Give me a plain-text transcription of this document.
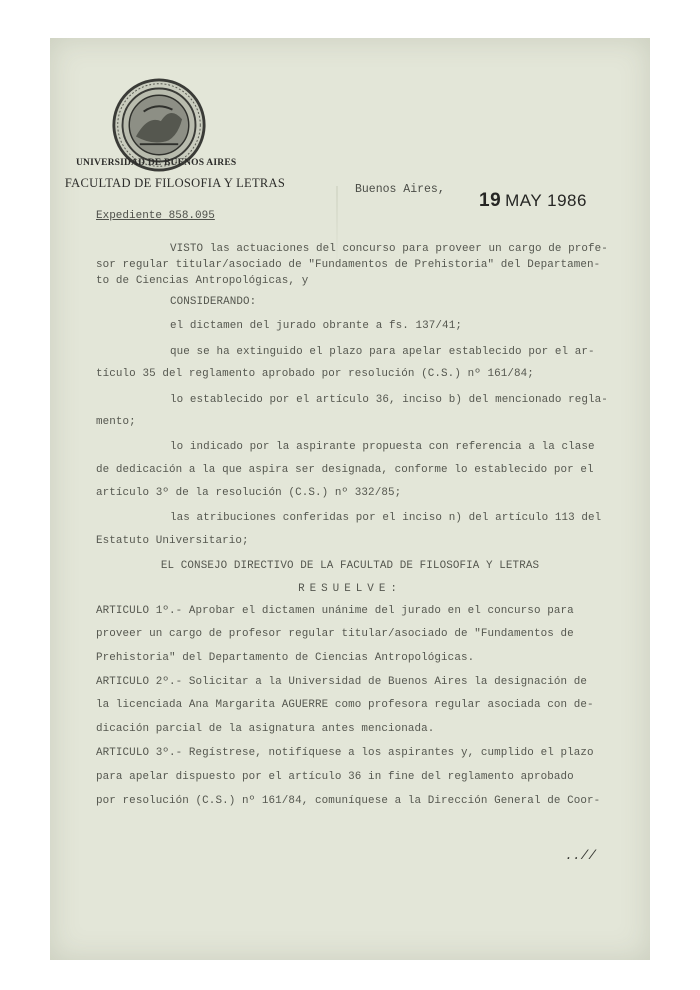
UNIVERSIDAD DE BUENOS AIRES
FACULTAD DE FILOSOFIA Y LETRAS	Buenos Aires,
19 MAY 1986
Expediente 858.095
VISTO las actuaciones del concurso para proveer un cargo de profe-
sor regular titular/asociado de "Fundamentos de Prehistoria" del Departamen-
to de Ciencias Antropológicas, y
CONSIDERANDO:
el dictamen del jurado obrante a fs. 137/41;
que se ha extinguido el plazo para apelar establecido por el ar-
tículo 35 del reglamento aprobado por resolución (C.S.) nº 161/84;
lo establecido por el artículo 36, inciso b) del mencionado regla-
mento;
lo indicado por la aspirante propuesta con referencia a la clase
de dedicación a la que aspira ser designada, conforme lo establecido por el
artículo 3º de la resolución (C.S.) nº 332/85;
las atribuciones conferidas por el inciso n) del artículo 113 del
Estatuto Universitario;
EL CONSEJO DIRECTIVO DE LA FACULTAD DE FILOSOFIA Y LETRAS
RESUELVE:
ARTICULO 1º.- Aprobar el dictamen unánime del jurado en el concurso para
proveer un cargo de profesor regular titular/asociado de "Fundamentos de
Prehistoria" del Departamento de Ciencias Antropológicas.
ARTICULO 2º.- Solicitar a la Universidad de Buenos Aires la designación de
la licenciada Ana Margarita AGUERRE como profesora regular asociada con de-
dicación parcial de la asignatura antes mencionada.
ARTICULO 3º.- Regístrese, notifíquese a los aspirantes y, cumplido el plazo
para apelar dispuesto por el artículo 36 in fine del reglamento aprobado
por resolución (C.S.) nº 161/84, comuníquese a la Dirección General de Coor-
..//
